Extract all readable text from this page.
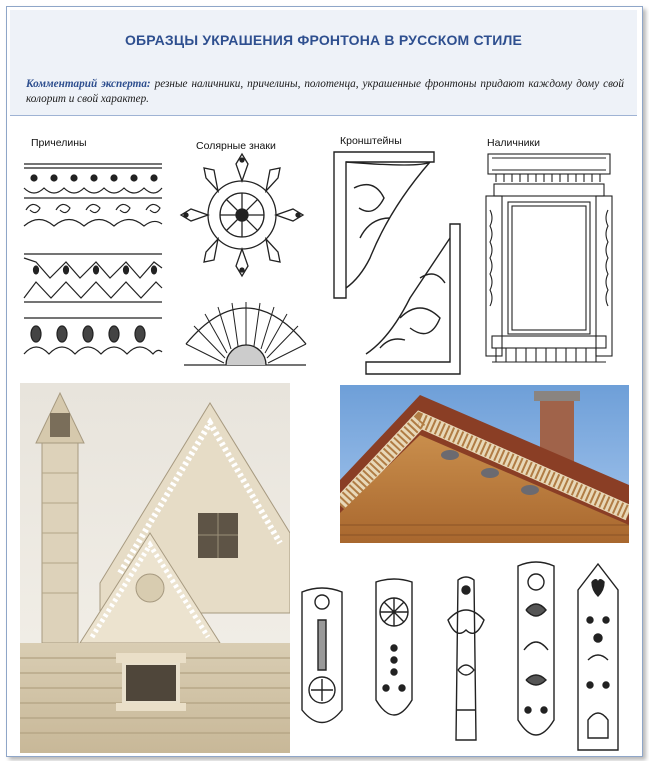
ОБРАЗЦЫ УКРАШЕНИЯ ФРОНТОНА В РУССКОМ СТИЛЕ
Комментарий эксперта: резные наличники, причелины, полотенца, украшенные фронтоны придают каждому дому свой колорит и свой характер.
Причелины	Солярные знаки	Кронштейны	Наличники
